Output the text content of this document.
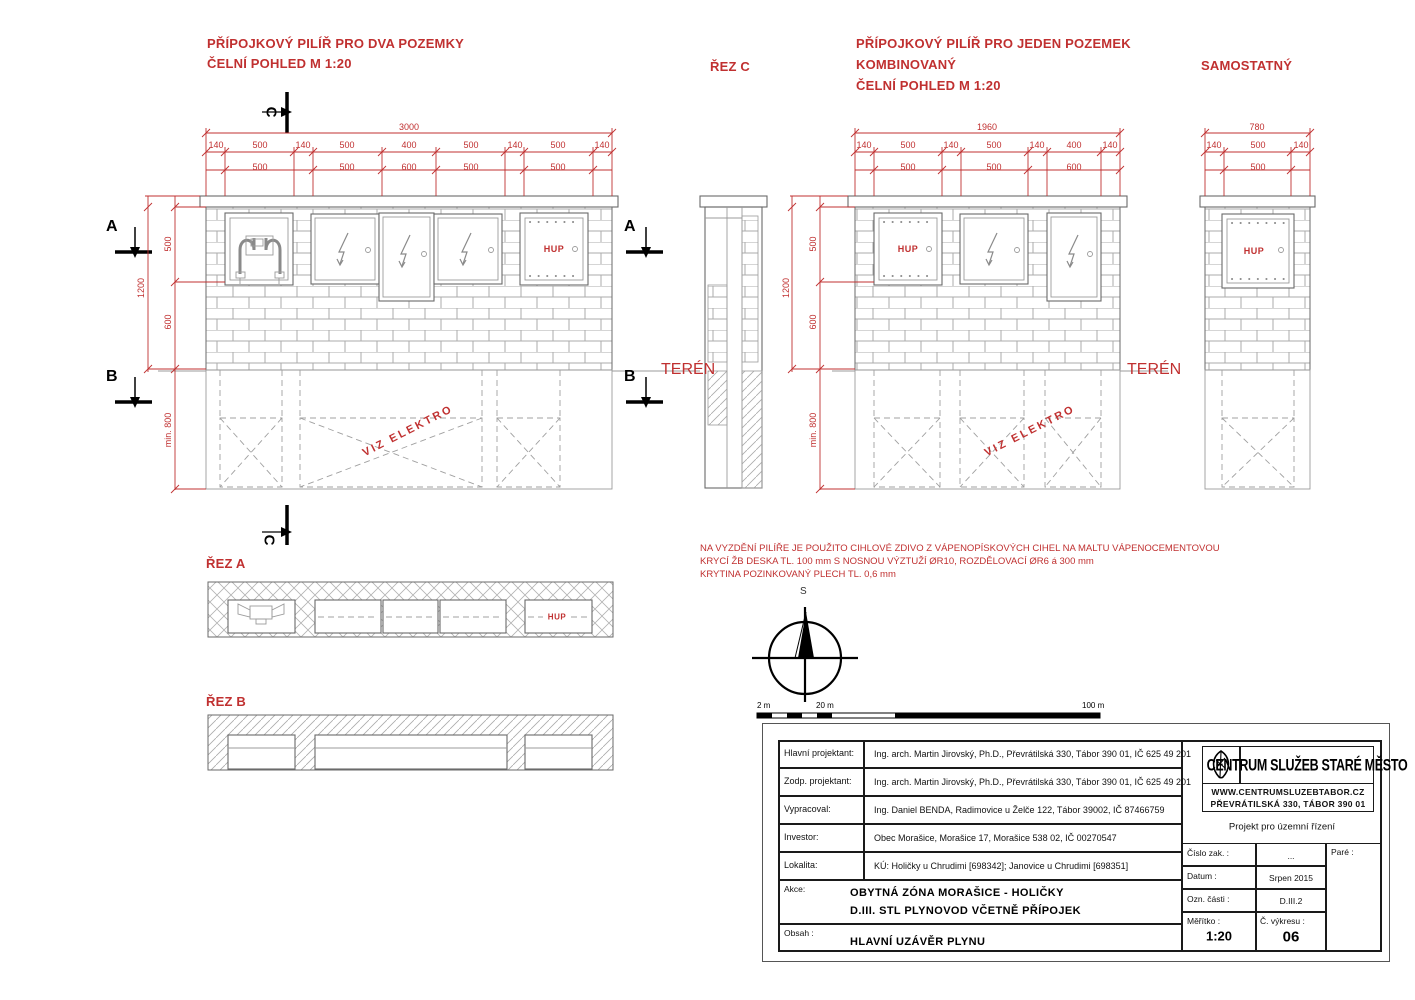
PŘÍPOJKOVÝ PILÍŘ PRO DVA POZEMKY
ČELNÍ POHLED M 1:20	ŘEZ C
PŘÍPOJKOVÝ PILÍŘ PRO JEDEN POZEMEK
KOMBINOVANÝ
ČELNÍ POHLED M 1:20
SAMOSTATNÝ
ŘEZ A
ŘEZ B
3000
140	500	140	500	400	500	140	500	140
500	500	600	500	500
500
1200
600
min. 800
1960
140	500	140	500	140 400 140
500	500	600
500
1200
600
min. 800
780
140	500	140
500
HUP	HUP	HUP
HUP
VIZ ELEKTRO	VIZ ELEKTRO
TERÉN	TERÉN
A	A
B	B
C
C
S
NA VYZDĚNÍ PILÍŘE JE POUŽITO CIHLOVÉ ZDIVO Z VÁPENOPÍSKOVÝCH CIHEL NA MALTU VÁPENOCEMENTOVOU
KRYCÍ ŽB DESKA TL. 100 mm S NOSNOU VÝZTUŽÍ ØR10, ROZDĚLOVACÍ ØR6 á 300 mm
KRYTINA POZINKOVANÝ PLECH TL. 0,6 mm
2 m	20 m	100 m
Hlavní projektant: Ing. arch. Martin Jirovský, Ph.D., Převrátilská 330, Tábor 390 01, IČ 625 49 201
Zodp. projektant: Ing. arch. Martin Jirovský, Ph.D., Převrátilská 330, Tábor 390 01, IČ 625 49 201
Vypracoval:	Ing. Daniel BENDA, Radimovice u Želče 122, Tábor 39002, IČ 87466759
Investor:	Obec Morašice, Morašice 17, Morašice 538 02, IČ 00270547
Lokalita:	KÚ: Holičky u Chrudimi [698342]; Janovice u Chrudimi [698351]
Akce:	OBYTNÁ ZÓNA MORAŠICE - HOLIČKY
D.III. STL PLYNOVOD VČETNĚ PŘÍPOJEK
Obsah :
HLAVNÍ UZÁVĚR PLYNU
CENTRUM SLUŽEB STARÉ MĚSTO
WWW.CENTRUMSLUZEBTABOR.CZ
PŘEVRÁTILSKÁ 330, TÁBOR 390 01
Projekt pro územní řízení
Číslo zak. :	...	Paré :
Datum :	Srpen 2015
Ozn. části :	D.III.2
Měřítko :
1:20
Č. výkresu :
06
